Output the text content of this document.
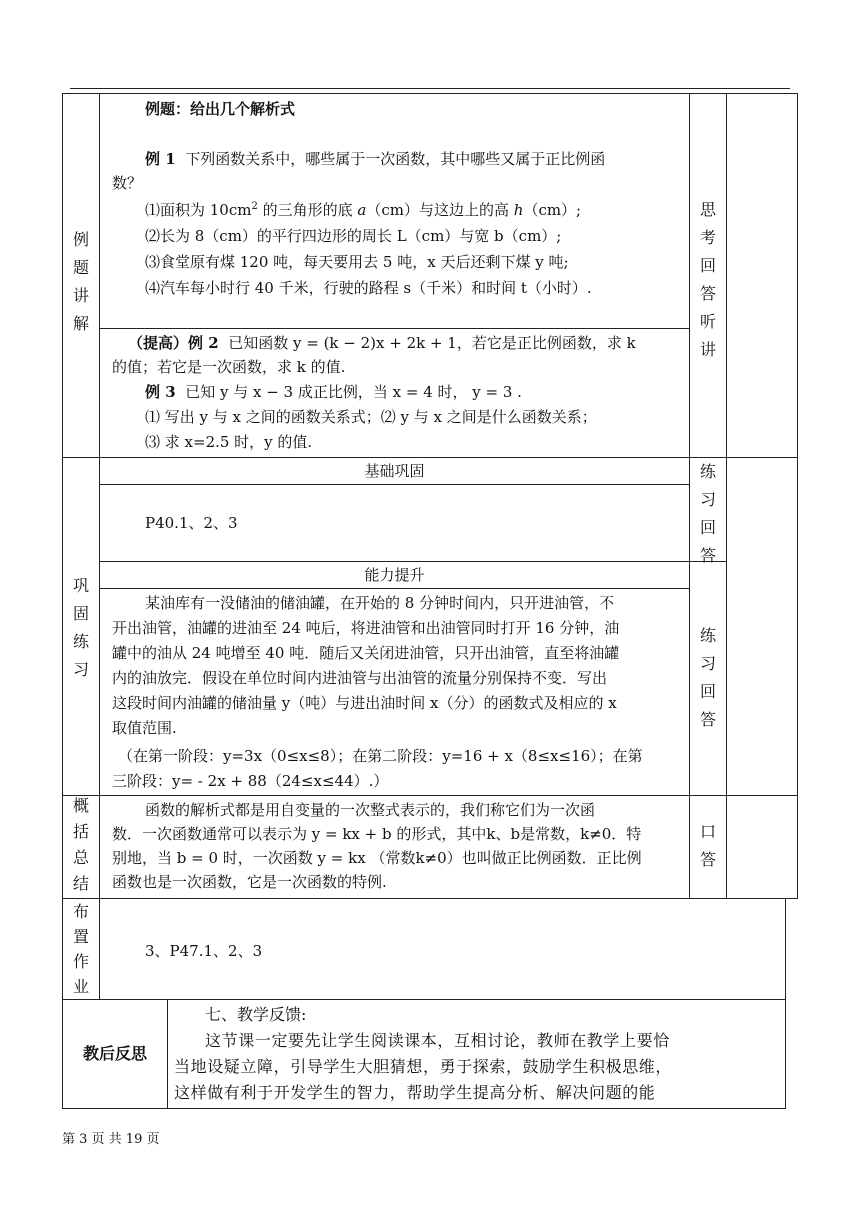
例题讲解
思考回答听讲
例题：给出几个解析式
例 1 下列函数关系中，哪些属于一次函数，其中哪些又属于正比例函
数？
⑴面积为 $10cm^2$ 的三角形的底 a（cm）与这边上的高 h（cm）;
⑵长为 8（cm）的平行四边形的周长 L（cm）与宽 b（cm）;
⑶食堂原有煤 120 吨，每天要用去 5 吨，x 天后还剩下煤 y 吨;
⑷汽车每小时行 40 千米，行驶的路程 s（千米）和时间 t（小时）.
（提高）例 2 已知函数 y = (k − 2)x + 2k + 1，若它是正比例函数，求 k
的值；若它是一次函数，求 k 的值.
例 3 已知 y 与 x − 3 成正比例，当 x = 4 时， y = 3 .
⑴ 写出 y 与 x 之间的函数关系式；⑵ y 与 x 之间是什么函数关系；
⑶ 求 x=2.5 时，y 的值.
巩固练习
基础巩固
P40.1、2、3
练习回答
能力提升
某油库有一没储油的储油罐，在开始的 8 分钟时间内，只开进油管，不
开出油管，油罐的进油至 24 吨后，将进油管和出油管同时打开 16 分钟，油
罐中的油从 24 吨增至 40 吨．随后又关闭进油管，只开出油管，直至将油罐
内的油放完．假设在单位时间内进油管与出油管的流量分别保持不变．写出
这段时间内油罐的储油量 y（吨）与进出油时间 x（分）的函数式及相应的 x
取值范围.
（在第一阶段：y=3x（0≤x≤8）；在第二阶段：y=16 + x（8≤x≤16）；在第
三阶段：y= - 2x + 88（24≤x≤44）.）
练习回答
概括总结
函数的解析式都是用自变量的一次整式表示的，我们称它们为一次函
数．一次函数通常可以表示为 y = kx + b 的形式，其中k、b是常数，k≠0．特
别地，当 b = 0 时，一次函数 y = kx （常数k≠0）也叫做正比例函数．正比例
函数也是一次函数，它是一次函数的特例.
口答
布置作业
3、P47.1、2、3
教后反思
七、教学反馈:
这节课一定要先让学生阅读课本，互相讨论，教师在教学上要恰
当地设疑立障，引导学生大胆猜想，勇于探索，鼓励学生积极思维，
这样做有利于开发学生的智力，帮助学生提高分析、解决问题的能
第 3 页 共 19 页
